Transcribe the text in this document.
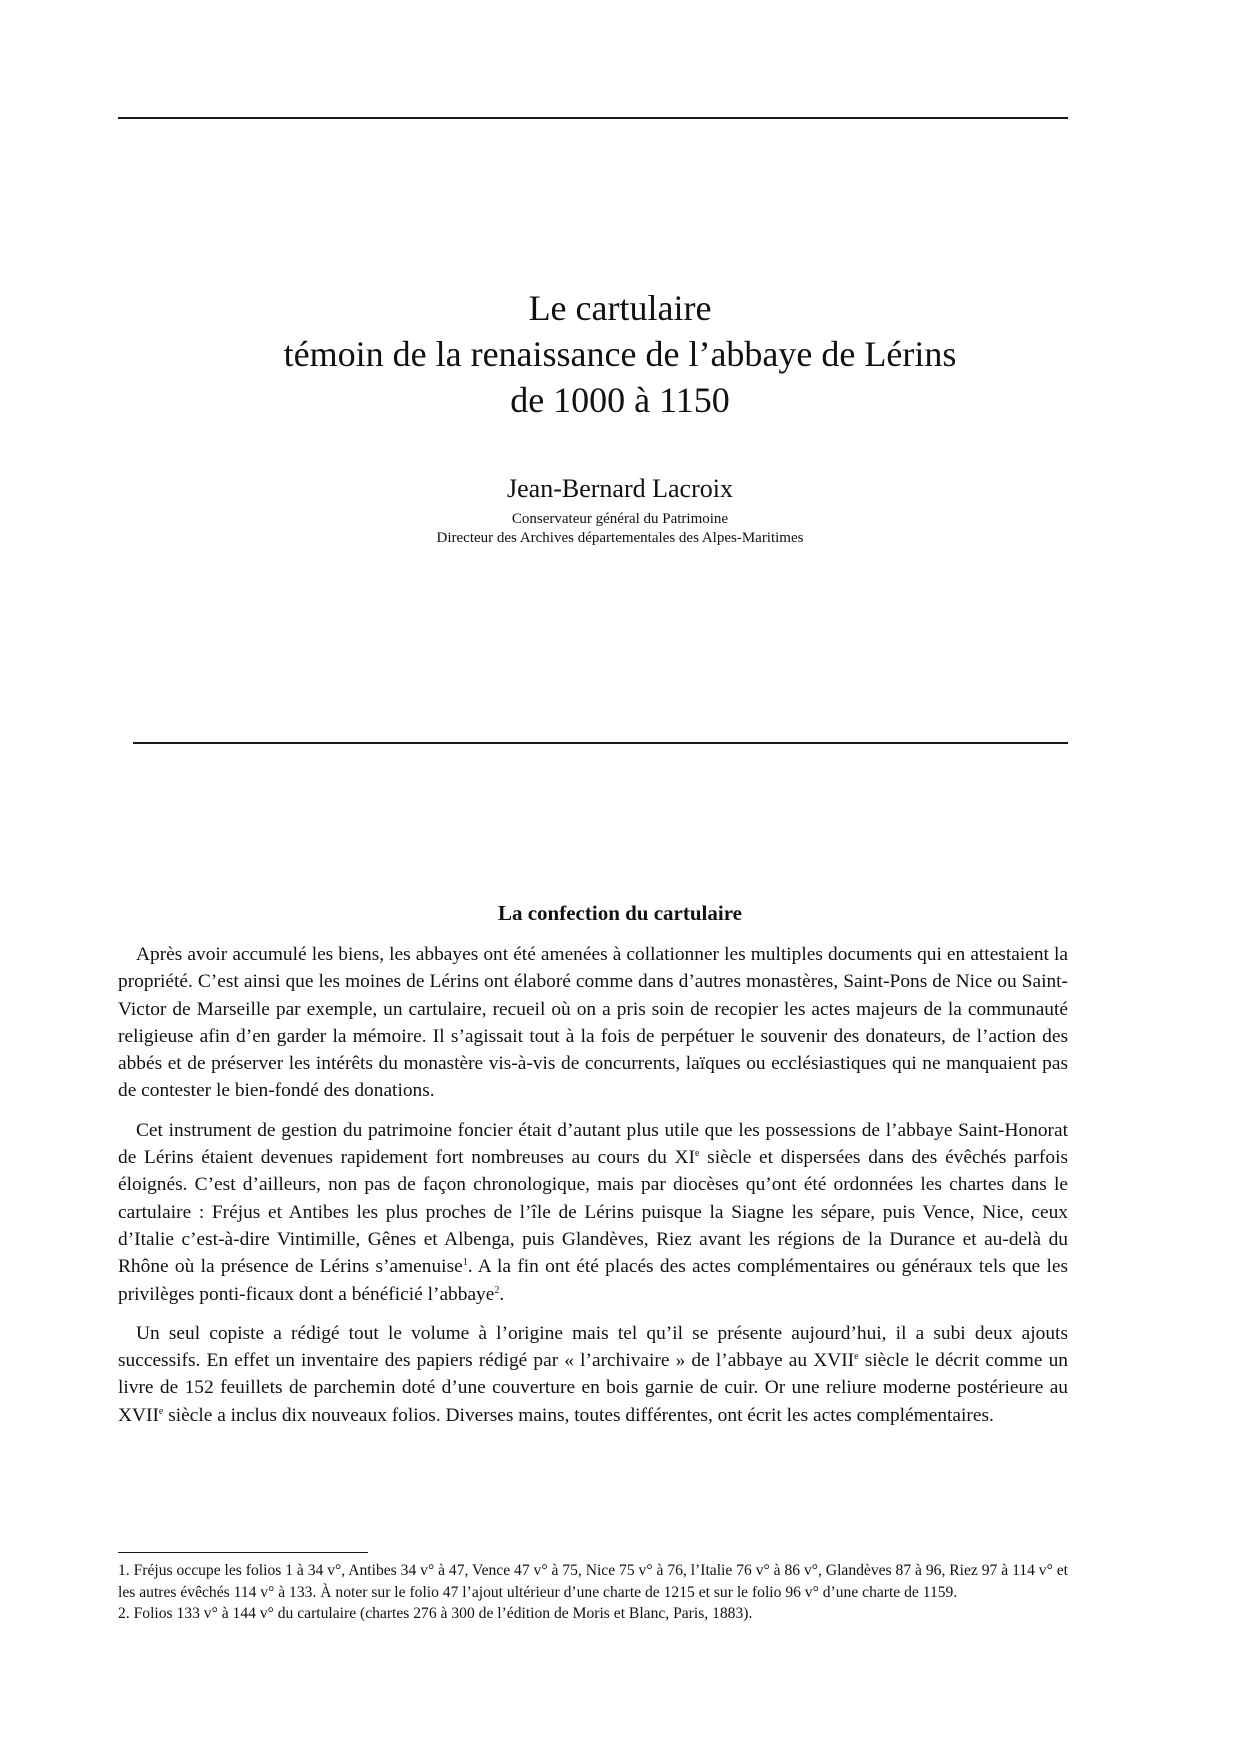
Le cartulaire
témoin de la renaissance de l’abbaye de Lérins
de 1000 à 1150
Jean-Bernard Lacroix
Conservateur général du Patrimoine
Directeur des Archives départementales des Alpes-Maritimes
La confection du cartulaire

Après avoir accumulé les biens, les abbayes ont été amenées à collationner les multiples documents qui en attestaient la propriété. C’est ainsi que les moines de Lérins ont élaboré comme dans d’autres monastères, Saint-Pons de Nice ou Saint-Victor de Marseille par exemple, un cartulaire, recueil où on a pris soin de recopier les actes majeurs de la communauté religieuse afin d’en garder la mémoire. Il s’agissait tout à la fois de perpétuer le souvenir des donateurs, de l’action des abbés et de préserver les intérêts du monastère vis-à-vis de concurrents, laïques ou ecclésiastiques qui ne manquaient pas de contester le bien-fondé des donations.

Cet instrument de gestion du patrimoine foncier était d’autant plus utile que les possessions de l’abbaye Saint-Honorat de Lérins étaient devenues rapidement fort nombreuses au cours du XIe siècle et dispersées dans des évêchés parfois éloignés. C’est d’ailleurs, non pas de façon chronologique, mais par diocèses qu’ont été ordonnées les chartes dans le cartulaire : Fréjus et Antibes les plus proches de l’île de Lérins puisque la Siagne les sépare, puis Vence, Nice, ceux d’Italie c’est-à-dire Vintimille, Gênes et Albenga, puis Glandèves, Riez avant les régions de la Durance et au-delà du Rhône où la présence de Lérins s’amenuise$^1$. A la fin ont été placés des actes complémentaires ou généraux tels que les privilèges ponti-ficaux dont a bénéficié l’abbaye$^2$.

Un seul copiste a rédigé tout le volume à l’origine mais tel qu’il se présente aujourd’hui, il a subi deux ajouts successifs. En effet un inventaire des papiers rédigé par « l’archivaire » de l’abbaye au XVIIe siècle le décrit comme un livre de 152 feuillets de parchemin doté d’une couverture en bois garnie de cuir. Or une reliure moderne postérieure au XVIIe siècle a inclus dix nouveaux folios. Diverses mains, toutes différentes, ont écrit les actes complémentaires.

1. Fréjus occupe les folios 1 à 34 v°, Antibes 34 v° à 47, Vence 47 v° à 75, Nice 75 v° à 76, l’Italie 76 v° à 86 v°, Glandèves 87 à 96, Riez 97 à 114 v° et les autres évêchés 114 v° à 133. À noter sur le folio 47 l’ajout ultérieur d’une charte de 1215 et sur le folio 96 v° d’une charte de 1159.

2. Folios 133 v° à 144 v° du cartulaire (chartes 276 à 300 de l’édition de Moris et Blanc, Paris, 1883).
